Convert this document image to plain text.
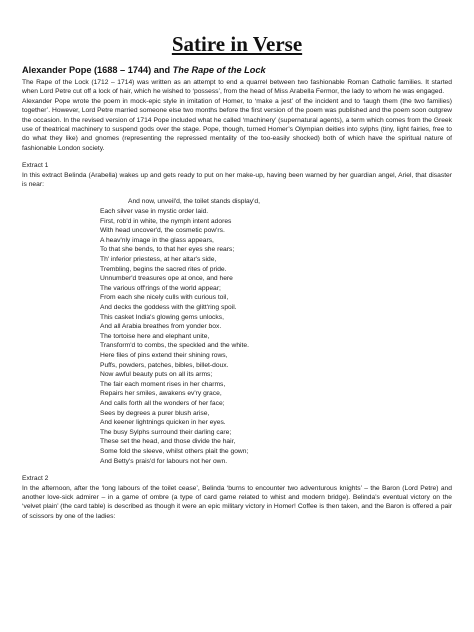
Satire in Verse
Alexander Pope (1688 – 1744) and The Rape of the Lock

The Rape of the Lock (1712 – 1714) was written as an attempt to end a quarrel between two fashionable Roman Catholic families. It started when Lord Petre cut off a lock of hair, which he wished to ‘possess’, from the head of Miss Arabella Fermor, the lady to whom he was engaged.

Alexander Pope wrote the poem in mock-epic style in imitation of Homer, to ‘make a jest’ of the incident and to ‘laugh them (the two families) together’. However, Lord Petre married someone else two months before the first version of the poem was published and the poem soon outgrew the occasion. In the revised version of 1714 Pope included what he called ‘machinery’ (supernatural agents), a term which comes from the Greek use of theatrical machinery to suspend gods over the stage. Pope, though, turned Homer’s Olympian deities into sylphs (tiny, light fairies, free to do what they like) and gnomes (representing the repressed mentality of the too-easily shocked) both of which have the spiritual nature of fashionable London society.

Extract 1

In this extract Belinda (Arabella) wakes up and gets ready to put on her make-up, having been warned by her guardian angel, Ariel, that disaster is near:

And now, unveil'd, the toilet stands display'd,
Each silver vase in mystic order laid.
First, rob'd in white, the nymph intent adores
With head uncover'd, the cosmetic pow'rs.
A heav'nly image in the glass appears,
To that she bends, to that her eyes she rears;
Th' inferior priestess, at her altar's side,
Trembling, begins the sacred rites of pride.
Unnumber'd treasures ope at once, and here
The various off'rings of the world appear;
From each she nicely culls with curious toil,
And decks the goddess with the glitt'ring spoil.
This casket India's glowing gems unlocks,
And all Arabia breathes from yonder box.
The tortoise here and elephant unite,
Transform'd to combs, the speckled and the white.
Here files of pins extend their shining rows,
Puffs, powders, patches, bibles, billet-doux.
Now awful beauty puts on all its arms;
The fair each moment rises in her charms,
Repairs her smiles, awakens ev'ry grace,
And calls forth all the wonders of her face;
Sees by degrees a purer blush arise,
And keener lightnings quicken in her eyes.
The busy Sylphs surround their darling care;
These set the head, and those divide the hair,
Some fold the sleeve, whilst others plait the gown;
And Betty's prais'd for labours not her own.
Extract 2

In the afternoon, after the ‘long labours of the toilet cease’, Belinda ‘burns to encounter two adventurous knights’ – the Baron (Lord Petre) and another love-sick admirer – in a game of ombre (a type of card game related to whist and modern bridge). Belinda’s eventual victory on the ‘velvet plain’ (the card table) is described as though it were an epic military victory in Homer! Coffee is then taken, and the Baron is offered a pair of scissors by one of the ladies:
